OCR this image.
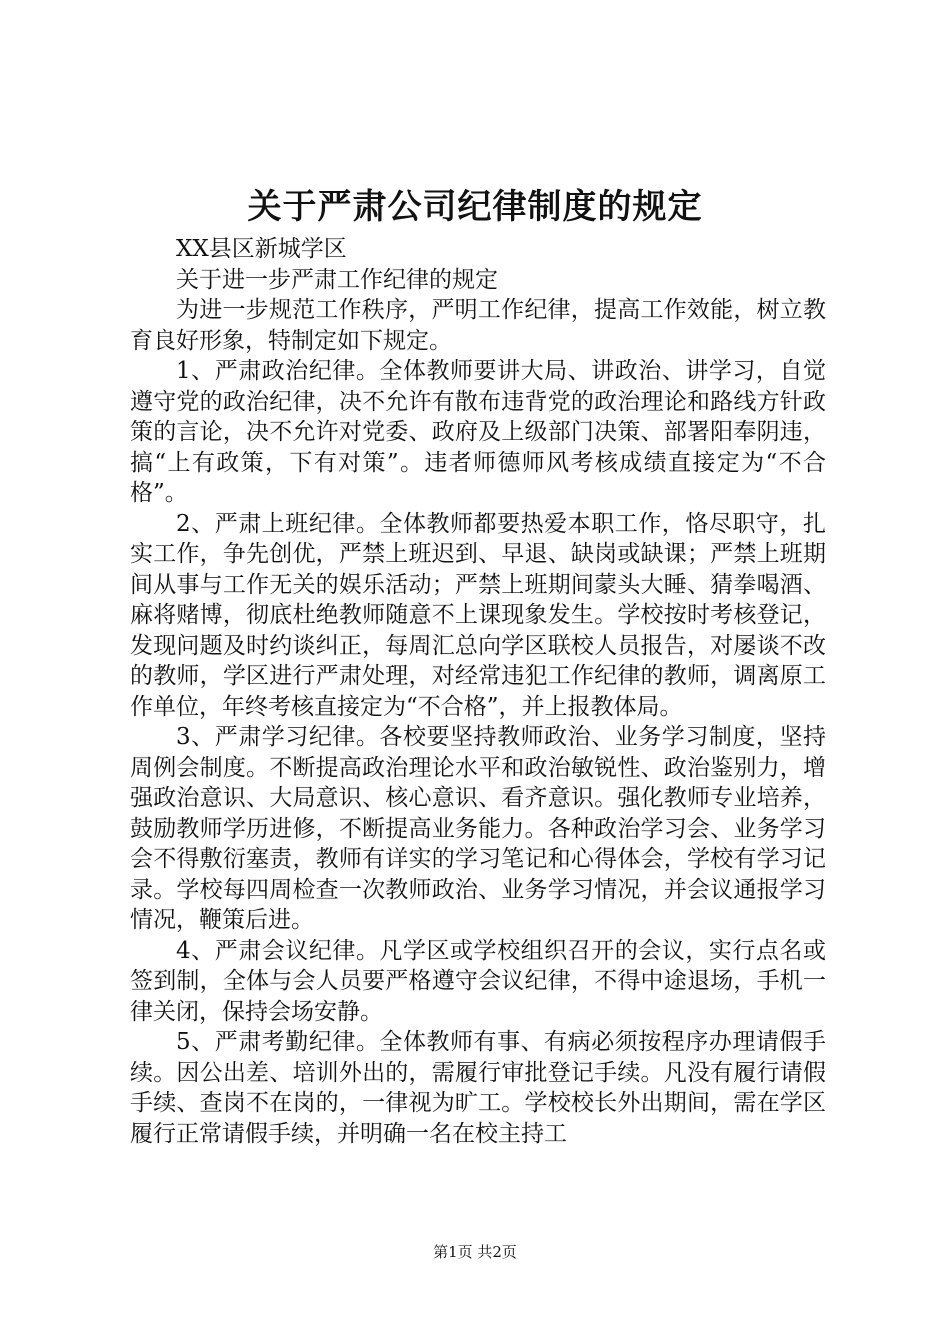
关于严肃公司纪律制度的规定

XX县区新城学区

关于进一步严肃工作纪律的规定

为进一步规范工作秩序，严明工作纪律，提高工作效能，树立教育良好形象，特制定如下规定。

1、严肃政治纪律。全体教师要讲大局、讲政治、讲学习，自觉遵守党的政治纪律，决不允许有散布违背党的政治理论和路线方针政策的言论，决不允许对党委、政府及上级部门决策、部署阳奉阴违，搞“上有政策，下有对策”。违者师德师风考核成绩直接定为“不合格”。

2、严肃上班纪律。全体教师都要热爱本职工作，恪尽职守，扎实工作，争先创优，严禁上班迟到、早退、缺岗或缺课；严禁上班期间从事与工作无关的娱乐活动；严禁上班期间蒙头大睡、猜拳喝酒、麻将赌博，彻底杜绝教师随意不上课现象发生。学校按时考核登记，发现问题及时约谈纠正，每周汇总向学区联校人员报告，对屡谈不改的教师，学区进行严肃处理，对经常违犯工作纪律的教师，调离原工作单位，年终考核直接定为“不合格”，并上报教体局。

3、严肃学习纪律。各校要坚持教师政治、业务学习制度，坚持周例会制度。不断提高政治理论水平和政治敏锐性、政治鉴别力，增强政治意识、大局意识、核心意识、看齐意识。强化教师专业培养，鼓励教师学历进修，不断提高业务能力。各种政治学习会、业务学习会不得敷衍塞责，教师有详实的学习笔记和心得体会，学校有学习记录。学校每四周检查一次教师政治、业务学习情况，并会议通报学习情况，鞭策后进。

4、严肃会议纪律。凡学区或学校组织召开的会议，实行点名或签到制，全体与会人员要严格遵守会议纪律，不得中途退场，手机一律关闭，保持会场安静。

5、严肃考勤纪律。全体教师有事、有病必须按程序办理请假手续。因公出差、培训外出的，需履行审批登记手续。凡没有履行请假手续、查岗不在岗的，一律视为旷工。学校校长外出期间，需在学区履行正常请假手续，并明确一名在校主持工

第1页 共2页
